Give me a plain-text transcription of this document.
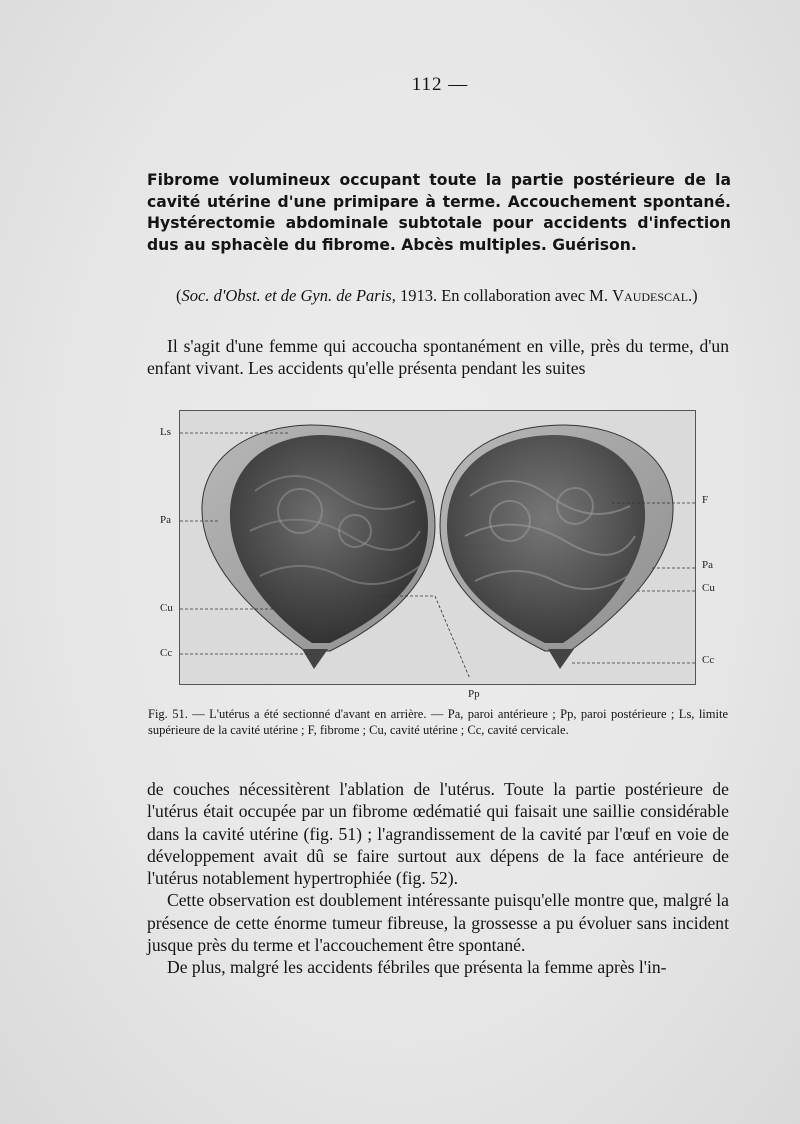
112 —
Fibrome volumineux occupant toute la partie postérieure de la cavité utérine d'une primipare à terme. Accouchement spontané. Hystérectomie abdominale subtotale pour accidents d'infection dus au sphacèle du fibrome. Abcès multiples. Guérison.
(Soc. d'Obst. et de Gyn. de Paris, 1913. En collaboration avec M. Vaudescal.)

Il s'agit d'une femme qui accoucha spontanément en ville, près du terme, d'un enfant vivant. Les accidents qu'elle présenta pendant les suites

Ls
Pa
Cu
Cc
F
Pa
Cu
Cc
Pp
Fig. 51. — L'utérus a été sectionné d'avant en arrière. — Pa, paroi antérieure ; Pp, paroi postérieure ; Ls, limite supérieure de la cavité utérine ; F, fibrome ; Cu, cavité utérine ; Cc, cavité cervicale.

de couches nécessitèrent l'ablation de l'utérus. Toute la partie postérieure de l'utérus était occupée par un fibrome œdématié qui faisait une saillie considérable dans la cavité utérine (fig. 51) ; l'agrandissement de la cavité par l'œuf en voie de développement avait dû se faire surtout aux dépens de la face antérieure de l'utérus notablement hypertrophiée (fig. 52).

Cette observation est doublement intéressante puisqu'elle montre que, malgré la présence de cette énorme tumeur fibreuse, la grossesse a pu évoluer sans incident jusque près du terme et l'accouchement être spontané.

De plus, malgré les accidents fébriles que présenta la femme après l'in-
